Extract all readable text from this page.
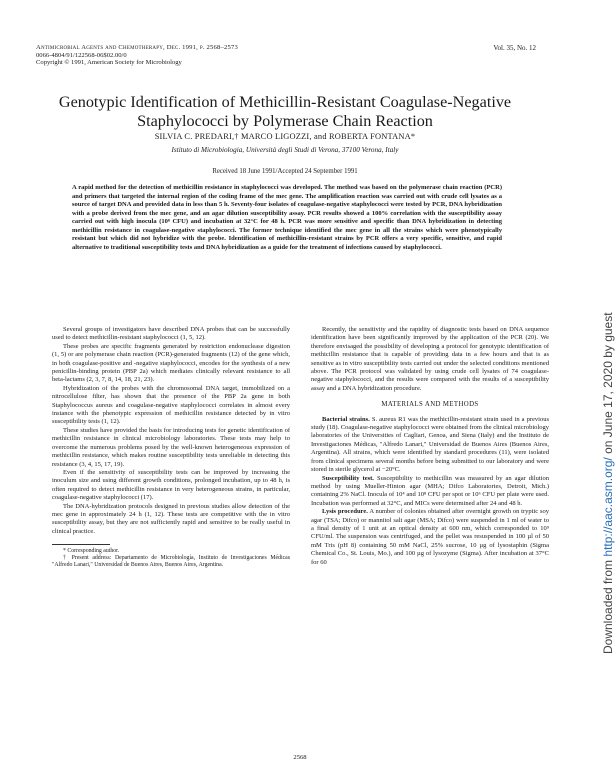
Antimicrobial Agents and Chemotherapy, Dec. 1991, p. 2568–2573
0066-4804/91/122568-06$02.00/0
Copyright © 1991, American Society for Microbiology
Vol. 35, No. 12
Genotypic Identification of Methicillin-Resistant Coagulase-Negative Staphylococci by Polymerase Chain Reaction
SILVIA C. PREDARI,† MARCO LIGOZZI, and ROBERTA FONTANA*
Istituto di Microbiologia, Università degli Studi di Verona, 37100 Verona, Italy
Received 18 June 1991/Accepted 24 September 1991
A rapid method for the detection of methicillin resistance in staphylococci was developed. The method was based on the polymerase chain reaction (PCR) and primers that targeted the internal region of the coding frame of the mec gene. The amplification reaction was carried out with crude cell lysates as a source of target DNA and provided data in less than 5 h. Seventy-four isolates of coagulase-negative staphylococci were tested by PCR, DNA hybridization with a probe derived from the mec gene, and an agar dilution susceptibility assay. PCR results showed a 100% correlation with the susceptibility assay carried out with high inocula (10⁸ CFU) and incubation at 32°C for 48 h. PCR was more sensitive and specific than DNA hybridization in detecting methicillin resistance in coagulase-negative staphylococci. The former technique identified the mec gene in all the strains which were phenotypically resistant but which did not hybridize with the probe. Identification of methicillin-resistant strains by PCR offers a very specific, sensitive, and rapid alternative to traditional susceptibility tests and DNA hybridization as a guide for the treatment of infections caused by staphylococci.

Several groups of investigators have described DNA probes that can be successfully used to detect methicillin-resistant staphylococci (1, 5, 12).

These probes are specific fragments generated by restriction endonuclease digestion (1, 5) or are polymerase chain reaction (PCR)-generated fragments (12) of the gene which, in both coagulase-positive and -negative staphylococci, encodes for the synthesis of a new penicillin-binding protein (PBP 2a) which mediates clinically relevant resistance to all beta-lactams (2, 3, 7, 8, 14, 18, 21, 23).

Hybridization of the probes with the chromosomal DNA target, immobilized on a nitrocellulose filter, has shown that the presence of the PBP 2a gene in both Staphylococcus aureus and coagulase-negative staphylococci correlates in almost every instance with the phenotypic expression of methicillin resistance detected by in vitro susceptibility tests (1, 12).

These studies have provided the basis for introducing tests for genetic identification of methicillin resistance in clinical microbiology laboratories. These tests may help to overcome the numerous problems posed by the well-known heterogeneous expression of methicillin resistance, which makes routine susceptibility tests unreliable in detecting this resistance (3, 4, 15, 17, 19).

Even if the sensitivity of susceptibility tests can be improved by increasing the inoculum size and using different growth conditions, prolonged incubation, up to 48 h, is often required to detect methicillin resistance in very heterogeneous strains, in particular, coagulase-negative staphylococci (17).

The DNA-hybridization protocols designed in previous studies allow detection of the mec gene in approximately 24 h (1, 12). These tests are competitive with the in vitro susceptibility assay, but they are not sufficiently rapid and sensitive to be really useful in clinical practice.

* Corresponding author.

† Present address: Departamento de Microbiología, Instituto de Investigaciones Médicas "Alfredo Lanari," Universidad de Buenos Aires, Buenos Aires, Argentina.

Recently, the sensitivity and the rapidity of diagnostic tests based on DNA sequence identification have been significantly improved by the application of the PCR (20). We therefore envisaged the possibility of developing a protocol for genotypic identification of methicillin resistance that is capable of providing data in a few hours and that is as sensitive as in vitro susceptibility tests carried out under the selected conditions mentioned above. The PCR protocol was validated by using crude cell lysates of 74 coagulase-negative staphylococci, and the results were compared with the results of a susceptibility assay and a DNA hybridization procedure.

MATERIALS AND METHODS

Bacterial strains. S. aureus R1 was the methicillin-resistant strain used in a previous study (18). Coagulase-negative staphylococci were obtained from the clinical microbiology laboratories of the Universities of Cagliari, Genoa, and Siena (Italy) and the Instituto de Investigaciones Médicas, "Alfredo Lanari," Universidad de Buenos Aires (Buenos Aires, Argentina). All strains, which were identified by standard procedures (11), were isolated from clinical specimens several months before being submitted to our laboratory and were stored in sterile glycerol at −20°C.

Susceptibility test. Susceptibility to methicillin was measured by an agar dilution method by using Mueller-Hinton agar (MHA; Difco Laboratories, Detroit, Mich.) containing 2% NaCl. Inocula of 10⁴ and 10⁸ CFU per spot or 10⁶ CFU per plate were used. Incubation was performed at 32°C, and MICs were determined after 24 and 48 h.

Lysis procedure. A number of colonies obtained after overnight growth on tryptic soy agar (TSA; Difco) or mannitol salt agar (MSA; Difco) were suspended in 1 ml of water to a final density of 1 unit at an optical density at 600 nm, which corresponded to 10⁹ CFU/ml. The suspension was centrifuged, and the pellet was resuspended in 100 µl of 50 mM Tris (pH 8) containing 50 mM NaCl, 25% sucrose, 10 µg of lysostaphin (Sigma Chemical Co., St. Louis, Mo.), and 100 µg of lysozyme (Sigma). After incubation at 37°C for 60

2568
Downloaded from http://aac.asm.org/ on June 17, 2020 by guest
